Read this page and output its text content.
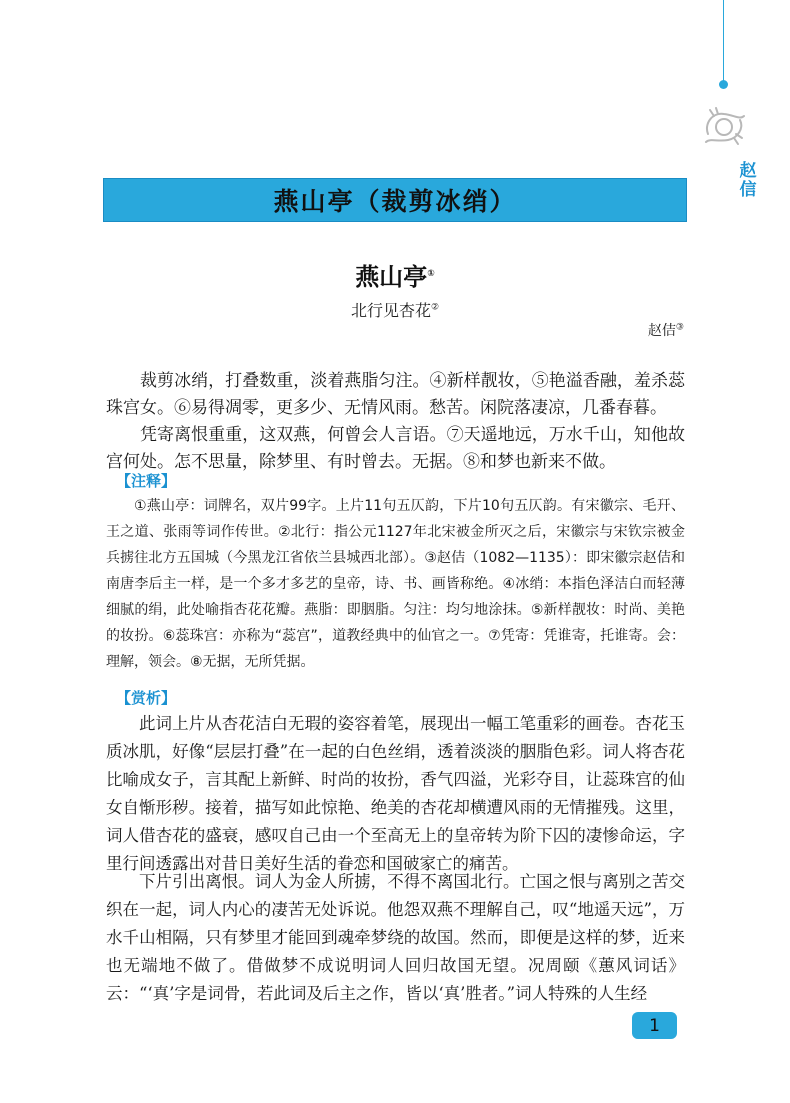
赵信
燕山亭（裁剪冰绡）
燕山亭①
北行见杏花②
赵佶③

裁剪冰绡，打叠数重，淡着燕脂匀注。④新样靓妆，⑤艳溢香融，羞杀蕊珠宫女。⑥易得凋零，更多少、无情风雨。愁苦。闲院落凄凉，几番春暮。

凭寄离恨重重，这双燕，何曾会人言语。⑦天遥地远，万水千山，知他故宫何处。怎不思量，除梦里、有时曾去。无据。⑧和梦也新来不做。

【注释】

①燕山亭：词牌名，双片99字。上片11句五仄韵，下片10句五仄韵。有宋徽宗、毛幵、王之道、张雨等词作传世。②北行：指公元1127年北宋被金所灭之后，宋徽宗与宋钦宗被金兵掳往北方五国城（今黑龙江省依兰县城西北部）。③赵佶（1082—1135）：即宋徽宗赵佶和南唐李后主一样，是一个多才多艺的皇帝，诗、书、画皆称绝。④冰绡：本指色泽洁白而轻薄细腻的绢，此处喻指杏花花瓣。燕脂：即胭脂。匀注：均匀地涂抹。⑤新样靓妆：时尚、美艳的妆扮。⑥蕊珠宫：亦称为“蕊宫”，道教经典中的仙官之一。⑦凭寄：凭谁寄，托谁寄。会：理解，领会。⑧无据，无所凭据。

【赏析】

此词上片从杏花洁白无瑕的姿容着笔，展现出一幅工笔重彩的画卷。杏花玉质冰肌，好像“层层打叠”在一起的白色丝绢，透着淡淡的胭脂色彩。词人将杏花比喻成女子，言其配上新鲜、时尚的妆扮，香气四溢，光彩夺目，让蕊珠宫的仙女自惭形秽。接着，描写如此惊艳、绝美的杏花却横遭风雨的无情摧残。这里，词人借杏花的盛衰，感叹自己由一个至高无上的皇帝转为阶下囚的凄惨命运，字里行间透露出对昔日美好生活的眷恋和国破家亡的痛苦。

下片引出离恨。词人为金人所掳，不得不离国北行。亡国之恨与离别之苦交织在一起，词人内心的凄苦无处诉说。他怨双燕不理解自己，叹“地遥天远”，万水千山相隔，只有梦里才能回到魂牵梦绕的故国。然而，即便是这样的梦，近来也无端地不做了。借做梦不成说明词人回归故国无望。况周颐《蕙风词话》云：“‘真’字是词骨，若此词及后主之作，皆以‘真’胜者。”词人特殊的人生经

1
